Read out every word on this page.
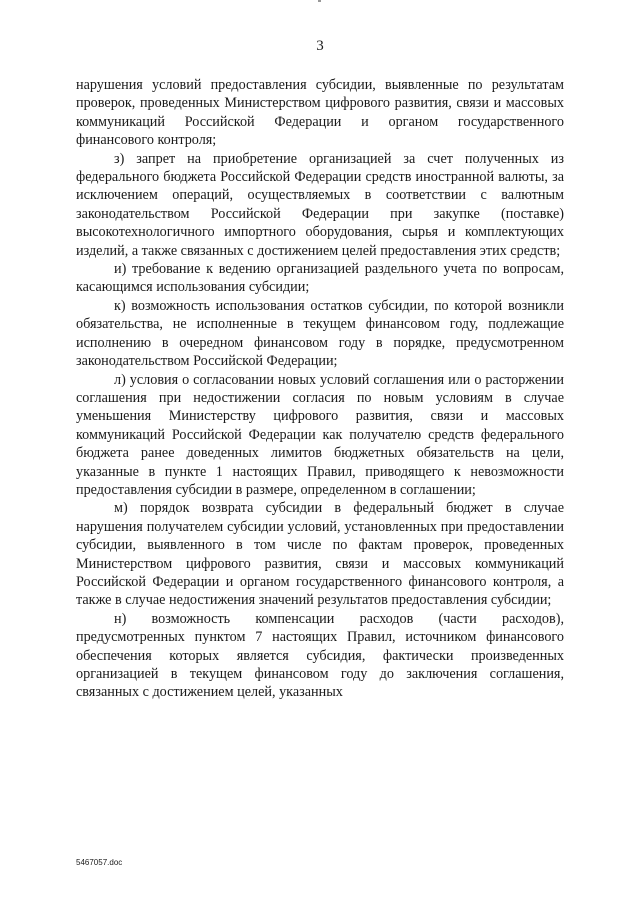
3

нарушения условий предоставления субсидии, выявленные по результатам проверок, проведенных Министерством цифрового развития, связи и массовых коммуникаций Российской Федерации и органом государственного финансового контроля;

з) запрет на приобретение организацией за счет полученных из федерального бюджета Российской Федерации средств иностранной валюты, за исключением операций, осуществляемых в соответствии с валютным законодательством Российской Федерации при закупке (поставке) высокотехнологичного импортного оборудования, сырья и комплектующих изделий, а также связанных с достижением целей предоставления этих средств;

и) требование к ведению организацией раздельного учета по вопросам, касающимся использования субсидии;

к) возможность использования остатков субсидии, по которой возникли обязательства, не исполненные в текущем финансовом году, подлежащие исполнению в очередном финансовом году в порядке, предусмотренном законодательством Российской Федерации;

л) условия о согласовании новых условий соглашения или о расторжении соглашения при недостижении согласия по новым условиям в случае уменьшения Министерству цифрового развития, связи и массовых коммуникаций Российской Федерации как получателю средств федерального бюджета ранее доведенных лимитов бюджетных обязательств на цели, указанные в пункте 1 настоящих Правил, приводящего к невозможности предоставления субсидии в размере, определенном в соглашении;

м) порядок возврата субсидии в федеральный бюджет в случае нарушения получателем субсидии условий, установленных при предоставлении субсидии, выявленного в том числе по фактам проверок, проведенных Министерством цифрового развития, связи и массовых коммуникаций Российской Федерации и органом государственного финансового контроля, а также в случае недостижения значений результатов предоставления субсидии;

н) возможность компенсации расходов (части расходов), предусмотренных пунктом 7 настоящих Правил, источником финансового обеспечения которых является субсидия, фактически произведенных организацией в текущем финансовом году до заключения соглашения, связанных с достижением целей, указанных

5467057.doc
